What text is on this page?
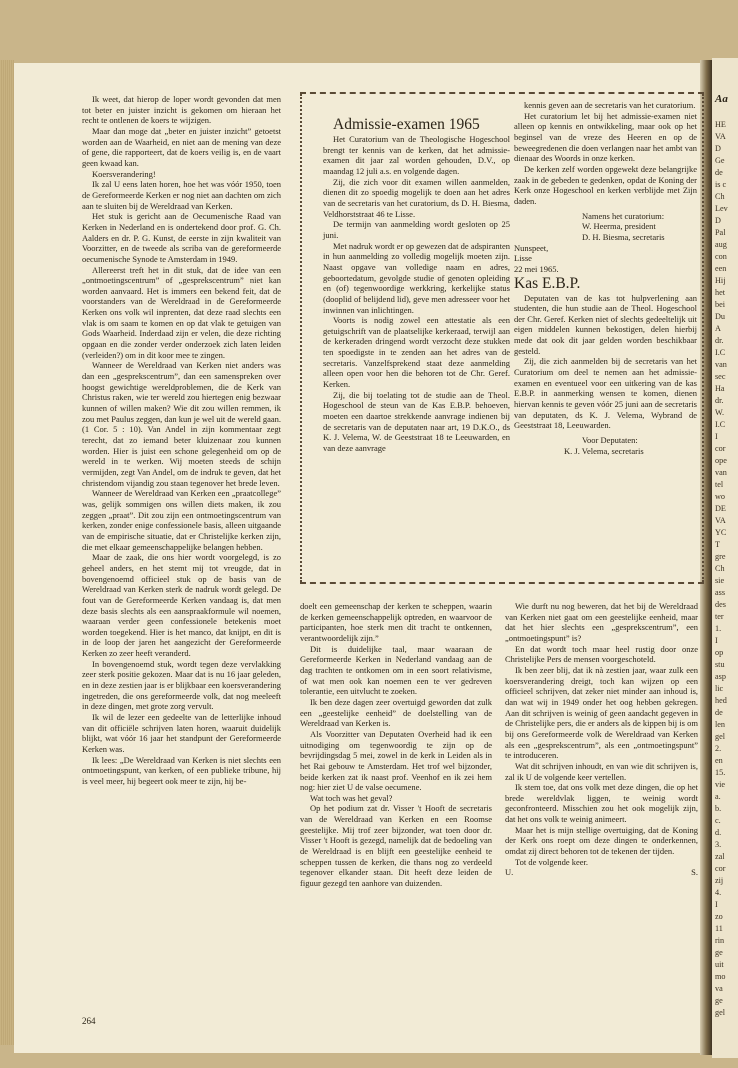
Aa
HE
VA
D
Ge
de
is c
Ch
Lev
D
Pal
aug
con
een
Hij
het
bei
Du
A
dr.
I.C
van
sec
Ha
dr.
W.
I.C
I
cor
ope
van
tel
wo
DE
VA
YC
T
gre
Ch
sie
ass
des
ter
1.
I
op
stu
asp
lic
hed
de
len
gel
2.
en
15.
vie
a.
b.
c.
d.
3.
zal
cor
zij
4.
I
zo
11
rin
ge
uit
mo
va
ge
gel

Ik weet, dat hierop de loper wordt gevonden dat men tot beter en juister inzicht is gekomen om hieraan het recht te ontlenen de koers te wijzigen.

Maar dan moge dat „beter en juister inzicht” getoetst worden aan de Waarheid, en niet aan de mening van deze of gene, die rapporteert, dat de koers veilig is, en de vaart geen kwaad kan.

Koersverandering!

Ik zal U eens laten horen, hoe het was vóór 1950, toen de Gereformeerde Kerken er nog niet aan dachten om zich aan te sluiten bij de Wereldraad van Kerken.

Het stuk is gericht aan de Oecumenische Raad van Kerken in Nederland en is ondertekend door prof. G. Ch. Aalders en dr. P. G. Kunst, de eerste in zijn kwaliteit van Voorzitter, en de tweede als scriba van de gereformeerde oecumenische Synode te Amsterdam in 1949.

Allereerst treft het in dit stuk, dat de idee van een „ontmoetingscentrum” of „gesprekscentrum” niet kan worden aanvaard. Het is immers een bekend feit, dat de voorstanders van de Wereldraad in de Gereformeerde Kerken ons volk wil inprenten, dat deze raad slechts een vlak is om saam te komen en op dat vlak te getuigen van Gods Waarheid. Inderdaad zijn er velen, die deze richting opgaan en die zonder verder onderzoek zich laten leiden (verleiden?) om in dit koor mee te zingen.

Wanneer de Wereldraad van Kerken niet anders was dan een „gesprekscentrum”, dan een samenspreken over hoogst gewichtige wereldproblemen, die de Kerk van Christus raken, wie ter wereld zou hiertegen enig bezwaar kunnen of willen maken? Wie dit zou willen remmen, ik zou met Paulus zeggen, dan kun je wel uit de wereld gaan. (1 Cor. 5 : 10). Van Andel in zijn kommentaar zegt terecht, dat zo iemand beter kluizenaar zou kunnen worden. Hier is juist een schone gelegenheid om op de wereld in te werken. Wij moeten steeds de schijn vermijden, zegt Van Andel, om de indruk te geven, dat het christendom vijandig zou staan tegenover het brede leven.

Wanneer de Wereldraad van Kerken een „praatcollege” was, gelijk sommigen ons willen diets maken, ik zou zeggen „praat”. Dit zou zijn een ontmoetingscentrum van kerken, zonder enige confessionele basis, alleen uitgaande van de empirische situatie, dat er Christelijke kerken zijn, die met elkaar gemeenschappelijke belangen hebben.

Maar de zaak, die ons hier wordt voorgelegd, is zo geheel anders, en het stemt mij tot vreugde, dat in bovengenoemd officieel stuk op de basis van de Wereldraad van Kerken sterk de nadruk wordt gelegd. De fout van de Gereformeerde Kerken vandaag is, dat men deze basis slechts als een aanspraakformule wil noemen, waaraan verder geen confessionele betekenis moet worden toegekend. Hier is het manco, dat knijpt, en dit is in de loop der jaren het aangezicht der Gereformeerde Kerken zo zeer heeft veranderd.

In bovengenoemd stuk, wordt tegen deze vervlakking zeer sterk positie gekozen. Maar dat is nu 16 jaar geleden, en in deze zestien jaar is er blijkbaar een koersverandering ingetreden, die ons gereformeerde volk, dat nog meeleeft in deze dingen, met grote zorg vervult.

Ik wil de lezer een gedeelte van de letterlijke inhoud van dit officiële schrijven laten horen, waaruit duidelijk blijkt, wat vóór 16 jaar het standpunt der Gereformeerde Kerken was.

Ik lees: „De Wereldraad van Kerken is niet slechts een ontmoetingspunt, van kerken, of een publieke tribune, hij is veel meer, hij begeert ook meer te zijn, hij be-

Admissie-examen 1965

Het Curatorium van de Theologische Hogeschool brengt ter kennis van de kerken, dat het admissie-examen dit jaar zal worden gehouden, D.V., op maandag 12 juli a.s. en volgende dagen.

Zij, die zich voor dit examen willen aanmelden, dienen dit zo spoedig mogelijk te doen aan het adres van de secretaris van het curatorium, ds D. H. Biesma, Veldhorststraat 46 te Lisse.

De termijn van aanmelding wordt gesloten op 25 juni.

Met nadruk wordt er op gewezen dat de adspiranten in hun aanmelding zo volledig mogelijk moeten zijn. Naast opgave van volledige naam en adres, geboortedatum, gevolgde studie of genoten opleiding en (of) tegenwoordige werkkring, kerkelijke status (dooplid of belijdend lid), geve men adresseer voor het inwinnen van inlichtingen.

Voorts is nodig zowel een attestatie als een getuigschrift van de plaatselijke kerkeraad, terwijl aan de kerkeraden dringend wordt verzocht deze stukken ten spoedigste in te zenden aan het adres van de secretaris. Vanzelfsprekend staat deze aanmelding alleen open voor hen die behoren tot de Chr. Geref. Kerken.

Zij, die bij toelating tot de studie aan de Theol. Hogeschool de steun van de Kas E.B.P. behoeven, moeten een daartoe strekkende aanvrage indienen bij de secretaris van de deputaten naar art, 19 D.K.O., ds K. J. Velema, W. de Geeststraat 18 te Leeuwarden, en van deze aanvrage

kennis geven aan de secretaris van het curatorium.

Het curatorium let bij het admissie-examen niet alleen op kennis en ontwikkeling, maar ook op het beginsel van de vreze des Heeren en op de beweegredenen die doen verlangen naar het ambt van dienaar des Woords in onze kerken.

De kerken zelf worden opgewekt deze belangrijke zaak in de gebeden te gedenken, opdat de Koning der Kerk onze Hogeschool en kerken verblijde met Zijn daden.

Namens het curatorium:

W. Heerma, president

D. H. Biesma, secretaris

Nunspeet,

Lisse

22 mei 1965.

Kas E.B.P.

Deputaten van de kas tot hulpverlening aan studenten, die hun studie aan de Theol. Hogeschool der Chr. Geref. Kerken niet of slechts gedeeltelijk uit eigen middelen kunnen bekostigen, delen hierbij mede dat ook dit jaar gelden worden beschikbaar gesteld.

Zij, die zich aanmelden bij de secretaris van het Curatorium om deel te nemen aan het admissie-examen en eventueel voor een uitkering van de kas E.B.P. in aanmerking wensen te komen, dienen hiervan kennis te geven vóór 25 juni aan de secretaris van deputaten, ds K. J. Velema, Wybrand de Geeststraat 18, Leeuwarden.

Voor Deputaten:

K. J. Velema, secretaris

doelt een gemeenschap der kerken te scheppen, waarin de kerken gemeenschappelijk optreden, en waarvoor de participanten, hoe sterk men dit tracht te ontkennen, verantwoordelijk zijn.”

Dit is duidelijke taal, maar waaraan de Gereformeerde Kerken in Nederland vandaag aan de dag trachten te ontkomen om in een soort relativisme, of wat men ook kan noemen een te ver gedreven tolerantie, een uitvlucht te zoeken.

Ik ben deze dagen zeer overtuigd geworden dat zulk een „geestelijke eenheid” de doelstelling van de Wereldraad van Kerken is.

Als Voorzitter van Deputaten Overheid had ik een uitnodiging om tegenwoordig te zijn op de bevrijdingsdag 5 mei, zowel in de kerk in Leiden als in het Rai gebouw te Amsterdam. Het trof wel bijzonder, beide kerken zat ik naast prof. Veenhof en ik zei hem nog: hier ziet U de valse oecumene.

Wat toch was het geval?

Op het podium zat dr. Visser 't Hooft de secretaris van de Wereldraad van Kerken en een Roomse geestelijke. Mij trof zeer bijzonder, wat toen door dr. Visser 't Hooft is gezegd, namelijk dat de bedoeling van de Wereldraad is en blijft een geestelijke eenheid te scheppen tussen de kerken, die thans nog zo verdeeld tegenover elkander staan. Dit heeft deze leiden de figuur gezegd ten aanhore van duizenden.

Wie durft nu nog beweren, dat het bij de Wereldraad van Kerken niet gaat om een geestelijke eenheid, maar dat het hier slechts een „gesprekscentrum”, een „ontmoetingspunt” is?

En dat wordt toch maar heel rustig door onze Christelijke Pers de mensen voorgeschoteld.

Ik ben zeer blij, dat ik nà zestien jaar, waar zulk een koersverandering dreigt, toch kan wijzen op een officieel schrijven, dat zeker niet minder aan inhoud is, dan wat wij in 1949 onder het oog hebben gekregen. Aan dit schrijven is weinig of geen aandacht gegeven in de Christelijke pers, die er anders als de kippen bij is om bij ons Gereformeerde volk de Wereldraad van Kerken als een „gesprekscentrum”, als een „ontmoetingspunt” te introduceren.

Wat dit schrijven inhoudt, en van wie dit schrijven is, zal ik U de volgende keer vertellen.

Ik stem toe, dat ons volk met deze dingen, die op het brede wereldvlak liggen, te weinig wordt geconfronteerd. Misschien zou het ook mogelijk zijn, dat het ons volk te weinig animeert.

Maar het is mijn stellige overtuiging, dat de Koning der Kerk ons roept om deze dingen te onderkennen, omdat zij direct behoren tot de tekenen der tijden.

Tot de volgende keer.

U.	S.

264
